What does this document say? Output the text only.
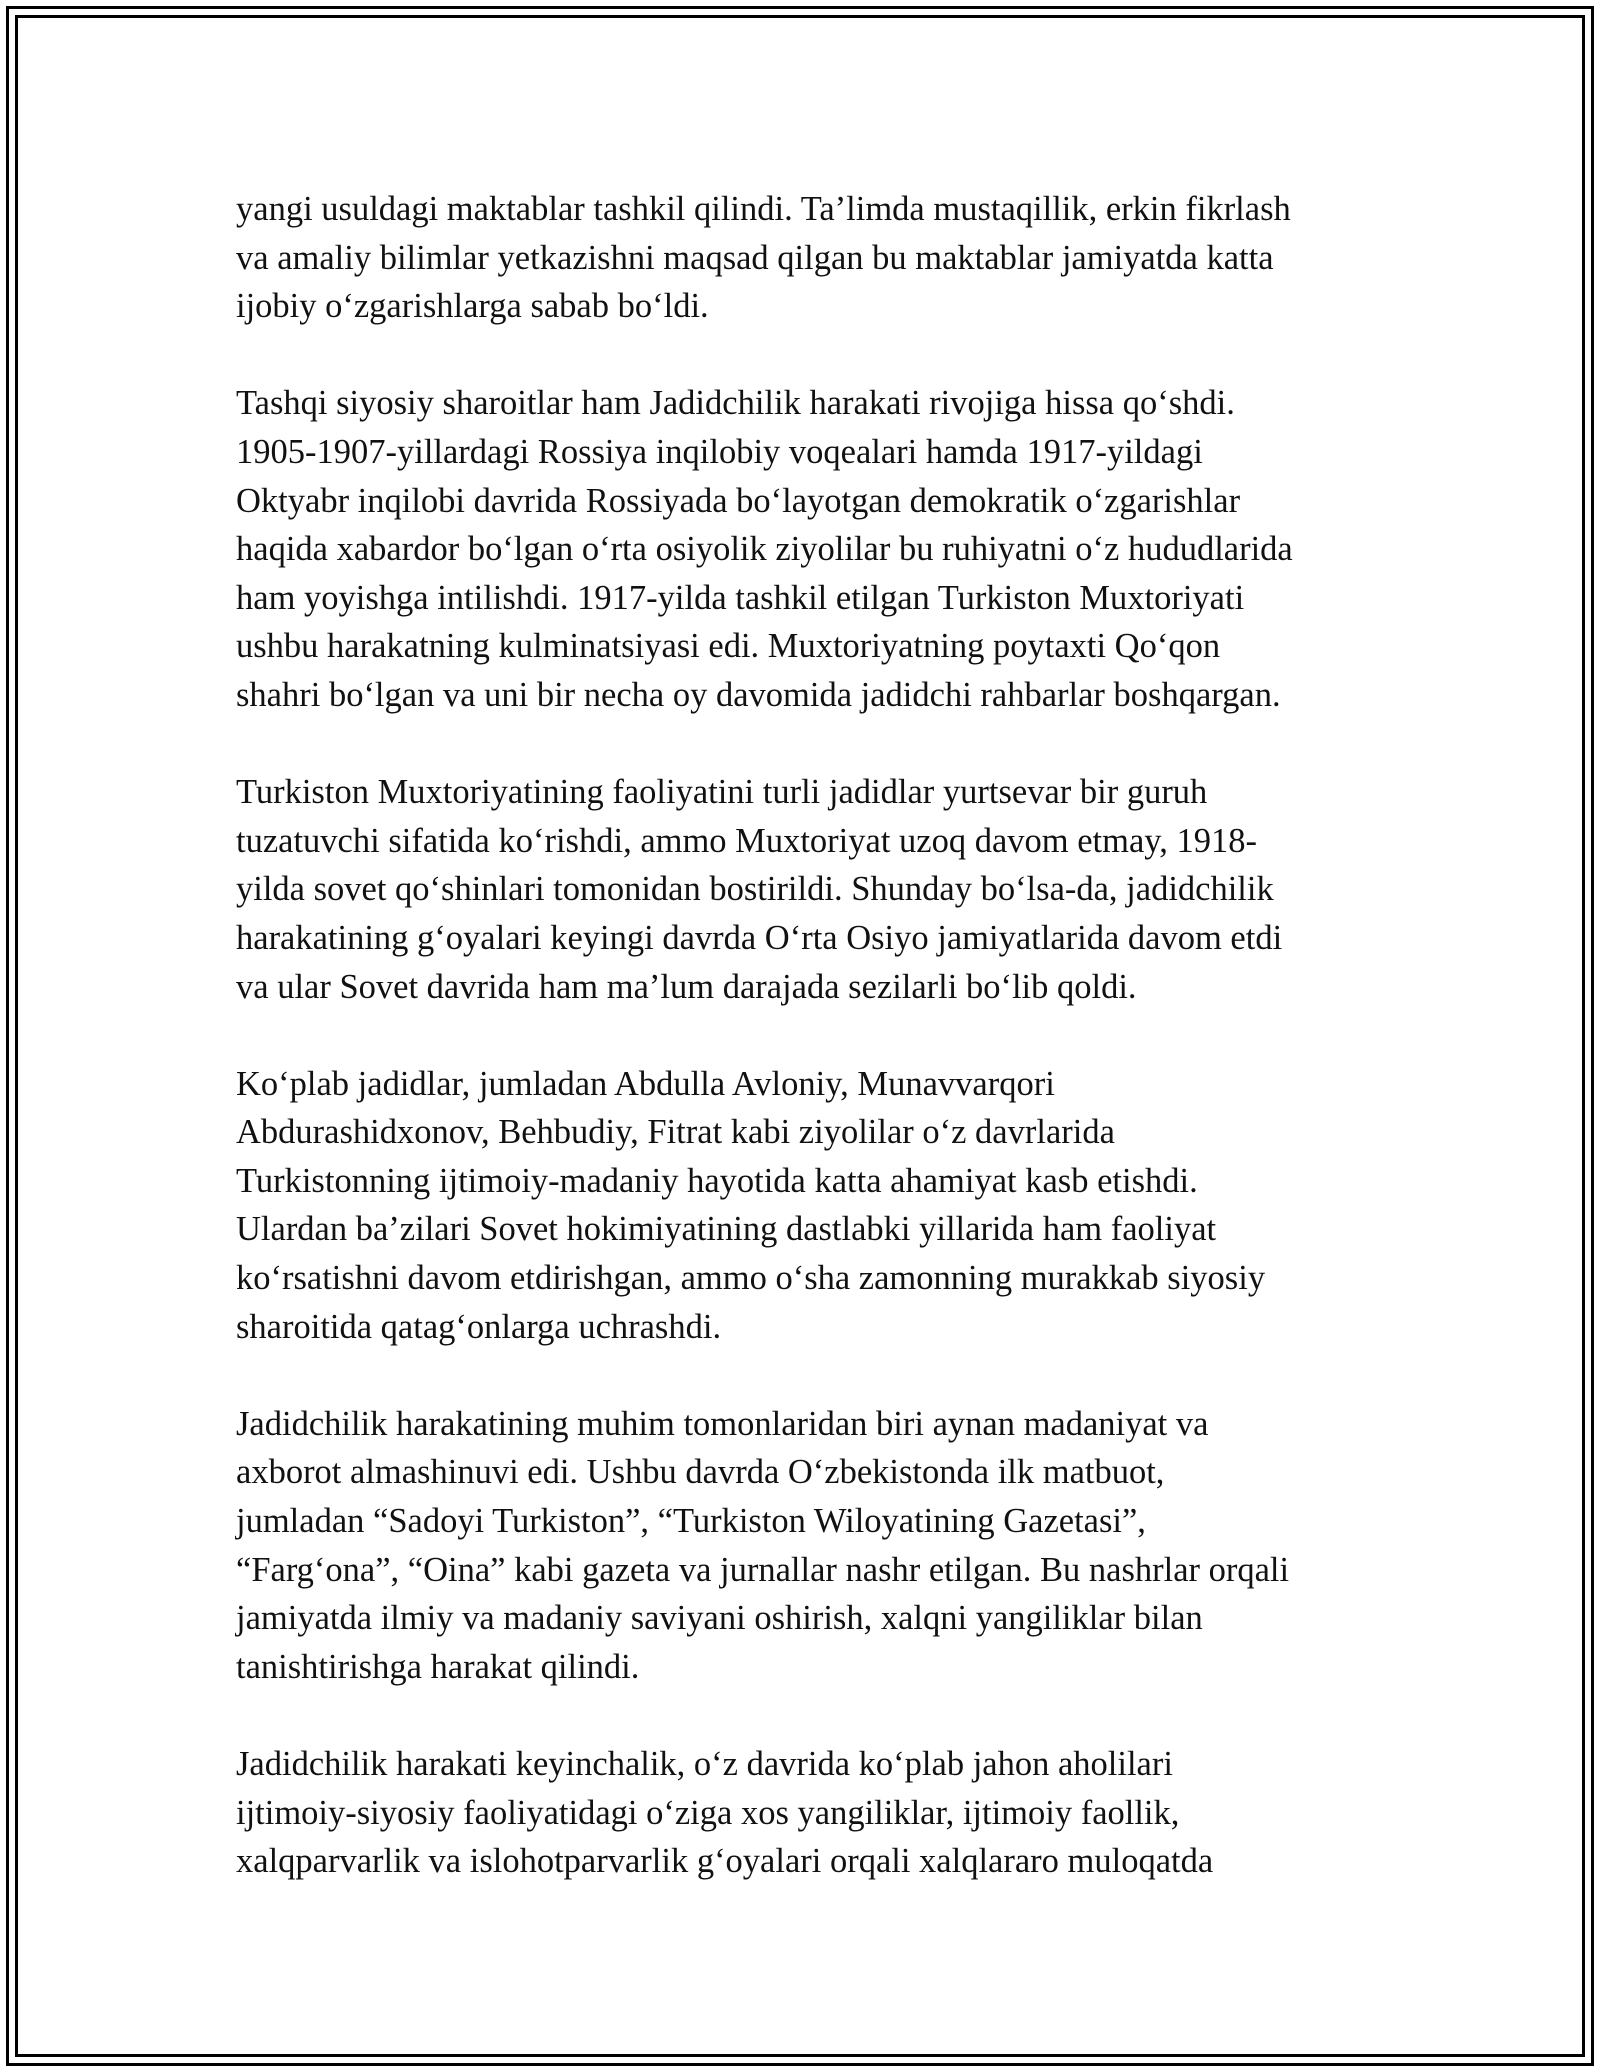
yangi usuldagi maktablar tashkil qilindi. Ta’limda mustaqillik, erkin fikrlash
va amaliy bilimlar yetkazishni maqsad qilgan bu maktablar jamiyatda katta
ijobiy o‘zgarishlarga sabab bo‘ldi.
Tashqi siyosiy sharoitlar ham Jadidchilik harakati rivojiga hissa qo‘shdi.
1905-1907-yillardagi Rossiya inqilobiy voqealari hamda 1917-yildagi
Oktyabr inqilobi davrida Rossiyada bo‘layotgan demokratik o‘zgarishlar
haqida xabardor bo‘lgan o‘rta osiyolik ziyolilar bu ruhiyatni o‘z hududlarida
ham yoyishga intilishdi. 1917-yilda tashkil etilgan Turkiston Muxtoriyati
ushbu harakatning kulminatsiyasi edi. Muxtoriyatning poytaxti Qo‘qon
shahri bo‘lgan va uni bir necha oy davomida jadidchi rahbarlar boshqargan.
Turkiston Muxtoriyatining faoliyatini turli jadidlar yurtsevar bir guruh
tuzatuvchi sifatida ko‘rishdi, ammo Muxtoriyat uzoq davom etmay, 1918-
yilda sovet qo‘shinlari tomonidan bostirildi. Shunday bo‘lsa-da, jadidchilik
harakatining g‘oyalari keyingi davrda O‘rta Osiyo jamiyatlarida davom etdi
va ular Sovet davrida ham ma’lum darajada sezilarli bo‘lib qoldi.
Ko‘plab jadidlar, jumladan Abdulla Avloniy, Munavvarqori
Abdurashidxonov, Behbudiy, Fitrat kabi ziyolilar o‘z davrlarida
Turkistonning ijtimoiy-madaniy hayotida katta ahamiyat kasb etishdi.
Ulardan ba’zilari Sovet hokimiyatining dastlabki yillarida ham faoliyat
ko‘rsatishni davom etdirishgan, ammo o‘sha zamonning murakkab siyosiy
sharoitida qatag‘onlarga uchrashdi.
Jadidchilik harakatining muhim tomonlaridan biri aynan madaniyat va
axborot almashinuvi edi. Ushbu davrda O‘zbekistonda ilk matbuot,
jumladan “Sadoyi Turkiston”, “Turkiston Wiloyatining Gazetasi”,
“Farg‘ona”, “Oina” kabi gazeta va jurnallar nashr etilgan. Bu nashrlar orqali
jamiyatda ilmiy va madaniy saviyani oshirish, xalqni yangiliklar bilan
tanishtirishga harakat qilindi.
Jadidchilik harakati keyinchalik, o‘z davrida ko‘plab jahon aholilari
ijtimoiy-siyosiy faoliyatidagi o‘ziga xos yangiliklar, ijtimoiy faollik,
xalqparvarlik va islohotparvarlik g‘oyalari orqali xalqlararo muloqatda
